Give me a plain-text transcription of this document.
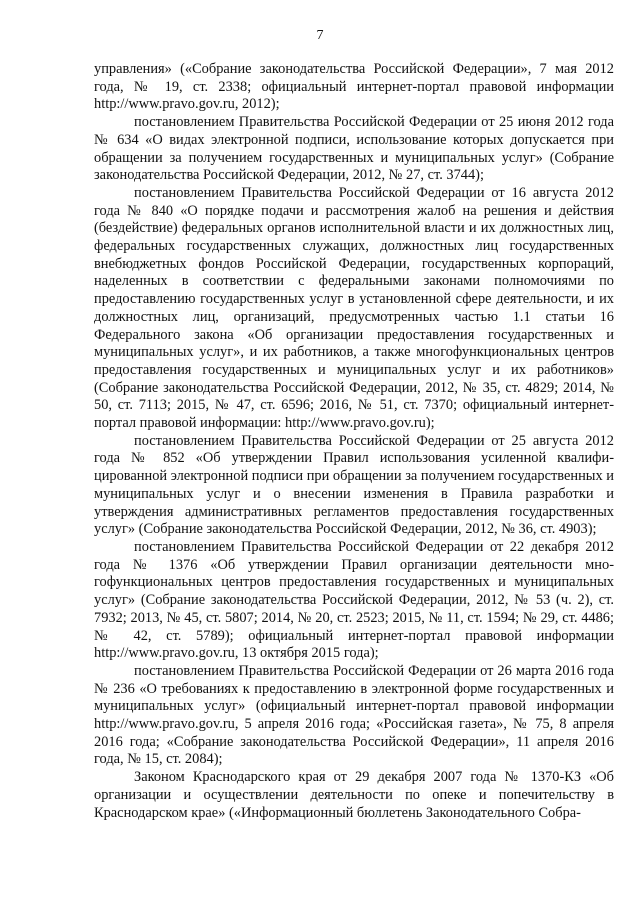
7

управления» («Собрание законодательства Российской Федерации», 7 мая 2012 года, № 19, ст. 2338; официальный интернет-портал правовой информации http://www.pravo.gov.ru, 2012);

постановлением Правительства Российской Федерации от 25 июня 2012 года № 634 «О видах электронной подписи, использование которых допускается при обращении за получением государственных и муниципальных услуг» (Собрание законодательства Российской Федерации, 2012, № 27, ст. 3744);

постановлением Правительства Российской Федерации от 16 августа 2012 года № 840 «О порядке подачи и рассмотрения жалоб на решения и действия (бездействие) федеральных органов исполнительной власти и их должностных лиц, федеральных государственных служащих, должностных лиц государственных внебюджетных фондов Российской Федерации, государственных корпораций, наделенных в соответствии с федеральными законами полномочиями по предоставлению государственных услуг в установленной сфере деятельности, и их должностных лиц, организаций, предусмотренных частью 1.1 статьи 16 Федерального закона «Об организации предоставления государственных и муниципальных услуг», и их работников, а также многофункциональных центров предоставления государственных и муниципальных услуг и их работников» (Собрание законодательства Российской Федерации, 2012, № 35, ст. 4829; 2014, № 50, ст. 7113; 2015, № 47, ст. 6596; 2016, № 51, ст. 7370; официальный интернет-портал правовой информации: http://www.pravo.gov.ru);

постановлением Правительства Российской Федерации от 25 августа 2012 года № 852 «Об утверждении Правил использования усиленной квалифицированной электронной подписи при обращении за получением государственных и муниципальных услуг и о внесении изменения в Правила разработки и утверждения административных регламентов предоставления государственных услуг» (Собрание законодательства Российской Федерации, 2012, № 36, ст. 4903);

постановлением Правительства Российской Федерации от 22 декабря 2012 года № 1376 «Об утверждении Правил организации деятельности многофункциональных центров предоставления государственных и муниципальных услуг» (Собрание законодательства Российской Федерации, 2012, № 53 (ч. 2), ст. 7932; 2013, № 45, ст. 5807; 2014, № 20, ст. 2523; 2015, № 11, ст. 1594; № 29, ст. 4486; № 42, ст. 5789); официальный интернет-портал правовой информации http://www.pravo.gov.ru, 13 октября 2015 года);

постановлением Правительства Российской Федерации от 26 марта 2016 года № 236 «О требованиях к предоставлению в электронной форме государственных и муниципальных услуг» (официальный интернет-портал правовой информации http://www.pravo.gov.ru, 5 апреля 2016 года; «Российская газета», № 75, 8 апреля 2016 года; «Собрание законодательства Российской Федерации», 11 апреля 2016 года, № 15, ст. 2084);

Законом Краснодарского края от 29 декабря 2007 года № 1370-КЗ «Об организации и осуществлении деятельности по опеке и попечительству в Краснодарском крае» («Информационный бюллетень Законодательного Собра-
